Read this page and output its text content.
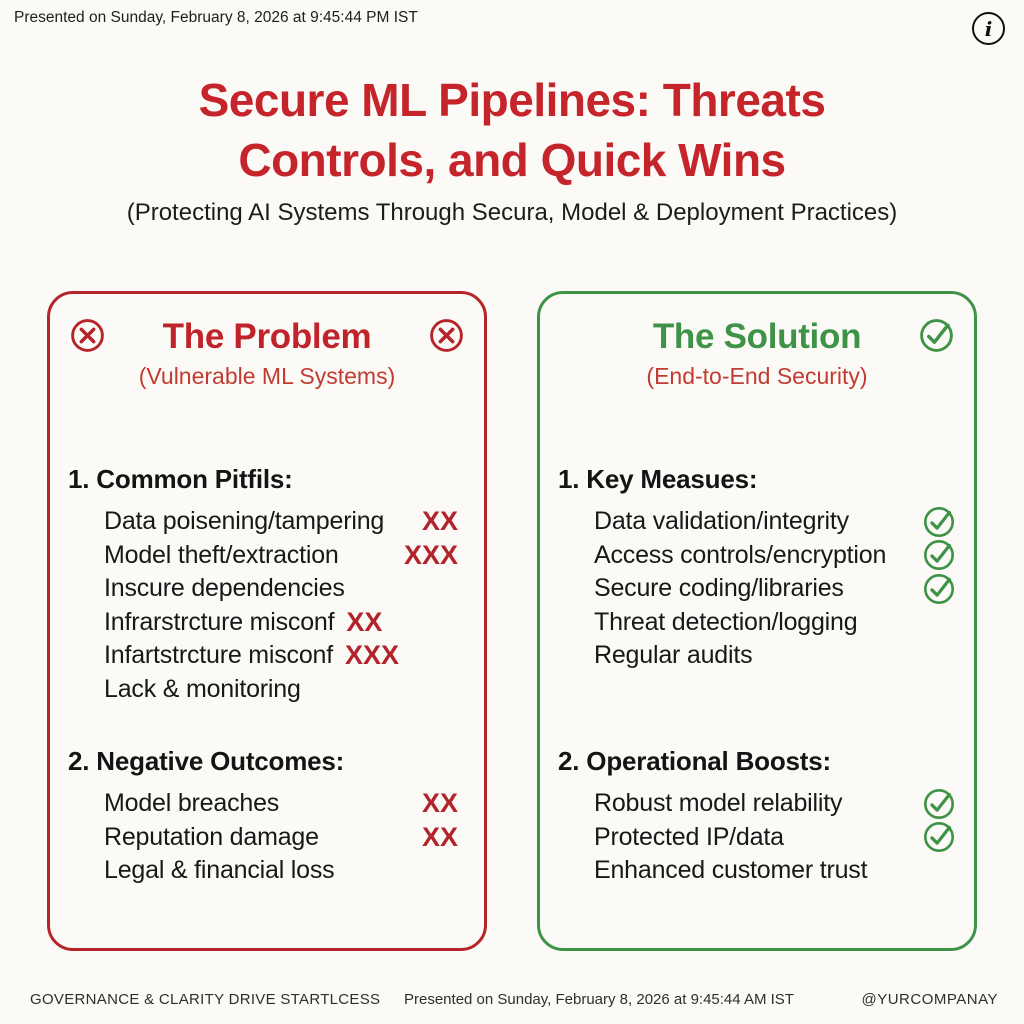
Presented on Sunday, February 8, 2026 at 9:45:44 PM IST	i
Secure ML Pipelines: Threats
Controls, and Quick Wins
(Protecting AI Systems Through Secura, Model & Deployment Practices)
The Problem
(Vulnerable ML Systems)
1. Common Pitfils:
Data poisening/tampering XX
Model theft/extraction XXX
Inscure dependencies
Infrarstrcture misconf XX
Infartstrcture misconf XXX
Lack & monitoring
2. Negative Outcomes:
Model breaches	XX
Reputation damage	XX
Legal & financial loss
The Solution
(End-to-End Security)
1. Key Measues:
Data validation/integrity
Access controls/encryption
Secure coding/libraries
Threat detection/logging
Regular audits
2. Operational Boosts:
Robust model relability
Protected IP/data
Enhanced customer trust
GOVERNANCE & CLARITY DRIVE STARTLCESS Presented on Sunday, February 8, 2026 at 9:45:44 AM IST	@YURCOMPANAY
